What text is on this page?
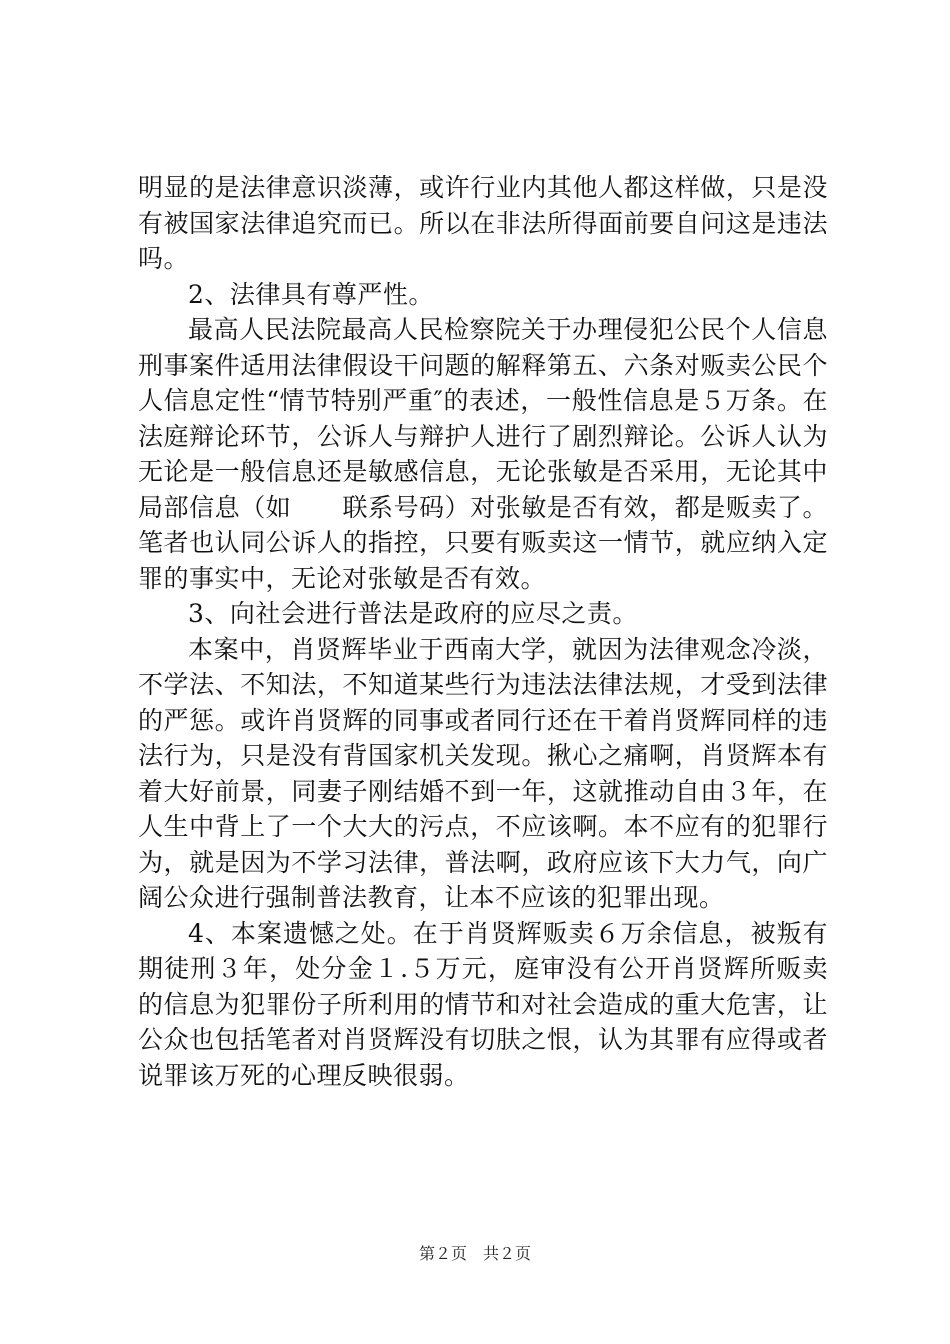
明显的是法律意识淡薄，或许行业内其他人都这样做，只是没有被国家法律追究而已。所以在非法所得面前要自问这是违法吗。

2、法律具有尊严性。

最高人民法院最高人民检察院关于办理侵犯公民个人信息刑事案件适用法律假设干问题的解释第五、六条对贩卖公民个人信息定性“情节特别严重″的表述，一般性信息是５万条。在法庭辩论环节，公诉人与辩护人进行了剧烈辩论。公诉人认为无论是一般信息还是敏感信息，无论张敏是否采用，无论其中局部信息（如　　联系号码）对张敏是否有效，都是贩卖了。笔者也认同公诉人的指控，只要有贩卖这一情节，就应纳入定罪的事实中，无论对张敏是否有效。

3、向社会进行普法是政府的应尽之责。

本案中，肖贤辉毕业于西南大学，就因为法律观念冷淡，不学法、不知法，不知道某些行为违法法律法规，才受到法律的严惩。或许肖贤辉的同事或者同行还在干着肖贤辉同样的违法行为，只是没有背国家机关发现。揪心之痛啊，肖贤辉本有着大好前景，同妻子刚结婚不到一年，这就推动自由３年，在人生中背上了一个大大的污点，不应该啊。本不应有的犯罪行为，就是因为不学习法律，普法啊，政府应该下大力气，向广阔公众进行强制普法教育，让本不应该的犯罪出现。

4、本案遗憾之处。在于肖贤辉贩卖６万余信息，被叛有期徒刑３年，处分金１.５万元，庭审没有公开肖贤辉所贩卖的信息为犯罪份子所利用的情节和对社会造成的重大危害，让公众也包括笔者对肖贤辉没有切肤之恨，认为其罪有应得或者说罪该万死的心理反映很弱。

第２页　共２页
